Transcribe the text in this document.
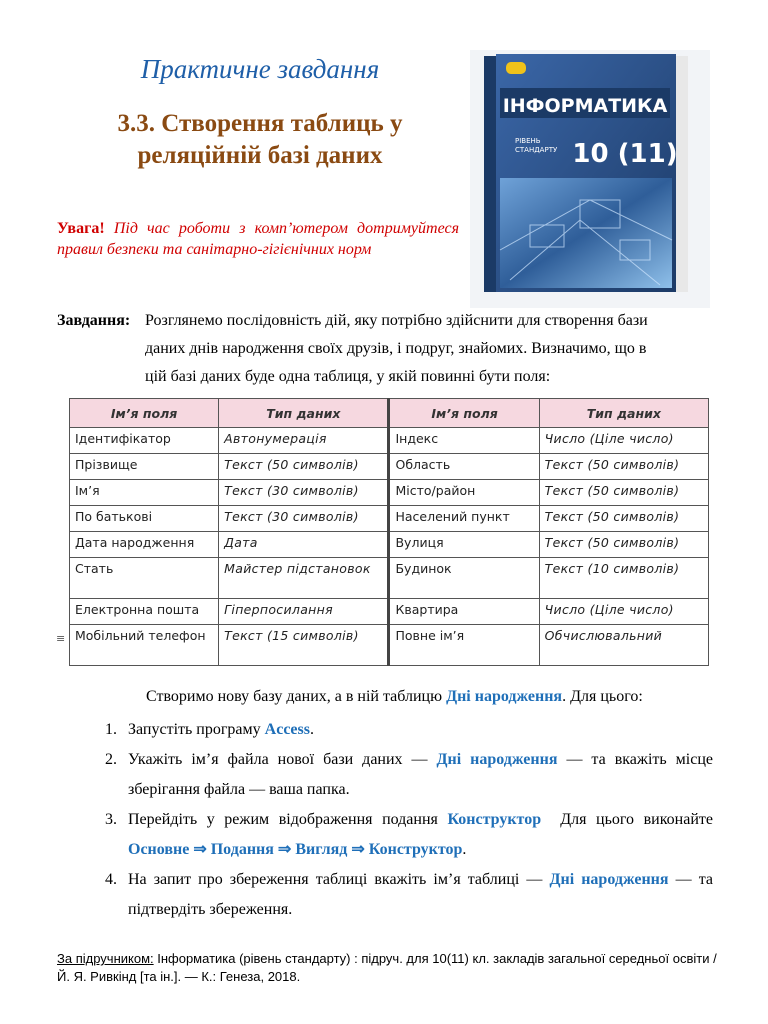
Практичне завдання
3.3. Створення таблиць у
реляційній базі даних
ІНФОРМАТИКА
РІВЕНЬ
СТАНДАРТУ 10 (11)
Увага! Під час роботи з комп’ютером дотримуйтеся правил безпеки та санітарно-гігієнічних норм
Завдання: Розглянемо послідовність дій, яку потрібно здійснити для створення бази
даних днів народження своїх друзів, і подруг, знайомих. Визначимо, що в
цій базі даних буде одна таблиця, у якій повинні бути поля:
Ім’я поля	Тип даних	Ім’я поля	Тип даних
Ідентифікатор	Автонумерація	Індекс	Число (Ціле число)
Прізвище	Текст (50 символів)	Область	Текст (50 символів)
Ім’я	Текст (30 символів)	Місто/район	Текст (50 символів)
По батькові	Текст (30 символів)	Населений пункт	Текст (50 символів)
Дата народження	Дата	Вулиця	Текст (50 символів)
Стать	Майстер підстановок	Будинок	Текст (10 символів)
Електронна пошта	Гіперпосилання	Квартира	Число (Ціле число)
Мобільний телефон	Текст (15 символів)	Повне ім’я	Обчислювальний
≡
Створимо нову базу даних, а в ній таблицю Дні народження. Для цього:
1. Запустіть програму Access.
2. Укажіть ім’я файла нової бази даних — Дні народження — та вкажіть місце зберігання файла — ваша папка.
3. Перейдіть у режим відображення подання Конструктор  Для цього виконайте Основне ⇒ Подання ⇒ Вигляд ⇒ Конструктор.
4. На запит про збереження таблиці вкажіть ім’я таблиці — Дні народження — та підтвердіть збереження.
За підручником: Інформатика (рівень стандарту) : підруч. для 10(11) кл. закладів загальної середньої освіти / Й. Я. Ривкінд [та ін.]. — К.: Генеза, 2018.
